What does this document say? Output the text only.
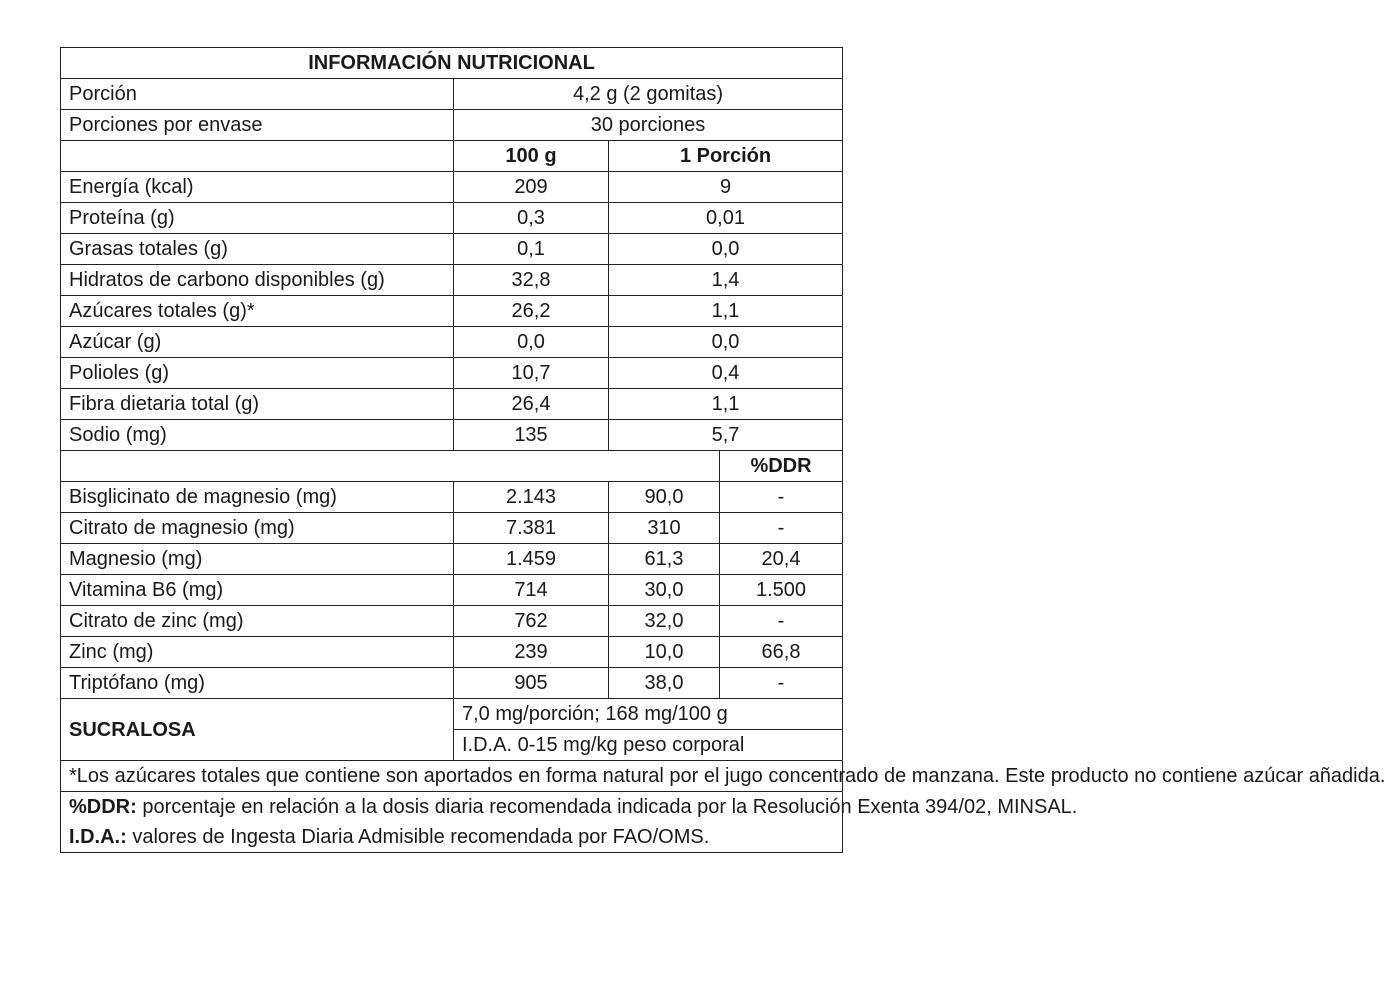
INFORMACIÓN NUTRICIONAL			
Porción	4,2 g (2 gomitas)		
Porciones por envase	30 porciones		
	100 g	1 Porción	
Energía (kcal)	209	9	
Proteína (g)	0,3	0,01	
Grasas totales (g)	0,1	0,0	
Hidratos de carbono disponibles (g)	32,8	1,4	
Azúcares totales (g)*	26,2	1,1	
Azúcar (g)	0,0	0,0	
Polioles (g)	10,7	0,4	
Fibra dietaria total (g)	26,4	1,1	
Sodio (mg)	135	5,7	
			%DDR
Bisglicinato de magnesio (mg)	2.143	90,0	-
Citrato de magnesio (mg)	7.381	310	-
Magnesio (mg)	1.459	61,3	20,4
Vitamina B6 (mg)	714	30,0	1.500
Citrato de zinc (mg)	762	32,0	-
Zinc (mg)	239	10,0	66,8
Triptófano (mg)	905	38,0	-
SUCRALOSA	7,0 mg/porción; 168 mg/100 g		
	I.D.A. 0-15 mg/kg peso corporal		

*Los azúcares totales que contiene son aportados en forma natural por el jugo concentrado de manzana. Este producto no contiene azúcar añadida.			

%DDR: porcentaje en relación a la dosis diaria recomendada indicada por la Resolución Exenta 394/02, MINSAL.

I.D.A.: valores de Ingesta Diaria Admisible recomendada por FAO/OMS.			
